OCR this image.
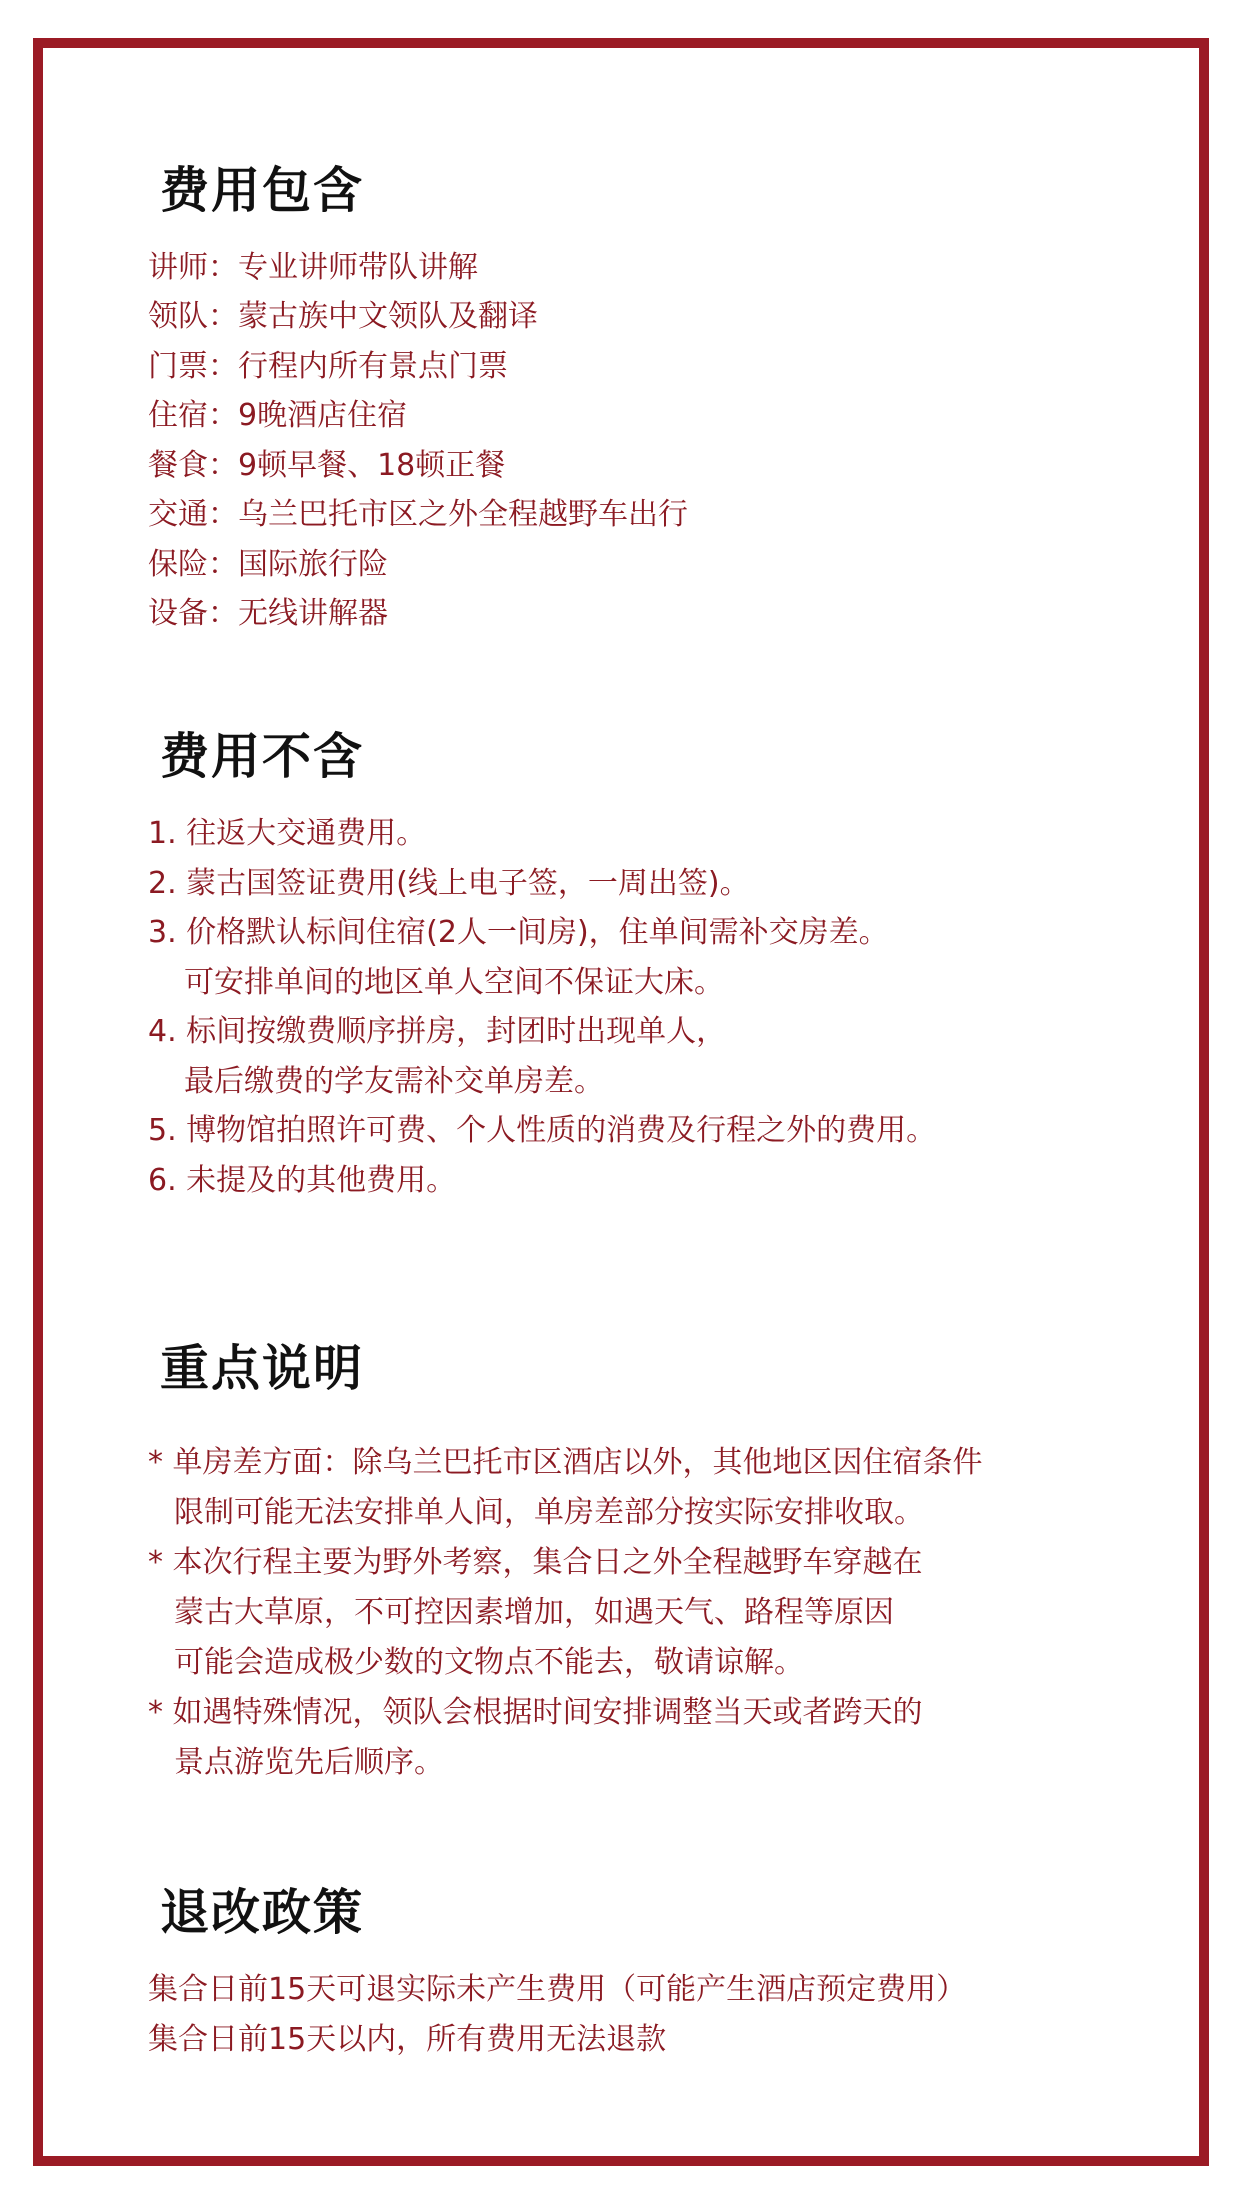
费用包含
讲师：专业讲师带队讲解
领队：蒙古族中文领队及翻译
门票：行程内所有景点门票
住宿：9晚酒店住宿
餐食：9顿早餐、18顿正餐
交通：乌兰巴托市区之外全程越野车出行
保险：国际旅行险
设备：无线讲解器
费用不含
1. 往返大交通费用。
2. 蒙古国签证费用(线上电子签，一周出签)。
3. 价格默认标间住宿(2人一间房)，住单间需补交房差。
可安排单间的地区单人空间不保证大床。
4. 标间按缴费顺序拼房，封团时出现单人，
最后缴费的学友需补交单房差。
5. 博物馆拍照许可费、个人性质的消费及行程之外的费用。
6. 未提及的其他费用。
重点说明
* 单房差方面：除乌兰巴托市区酒店以外，其他地区因住宿条件
限制可能无法安排单人间，单房差部分按实际安排收取。
* 本次行程主要为野外考察，集合日之外全程越野车穿越在
蒙古大草原，不可控因素增加，如遇天气、路程等原因
可能会造成极少数的文物点不能去，敬请谅解。
* 如遇特殊情况，领队会根据时间安排调整当天或者跨天的
景点游览先后顺序。
退改政策
集合日前15天可退实际未产生费用（可能产生酒店预定费用）
集合日前15天以内，所有费用无法退款
